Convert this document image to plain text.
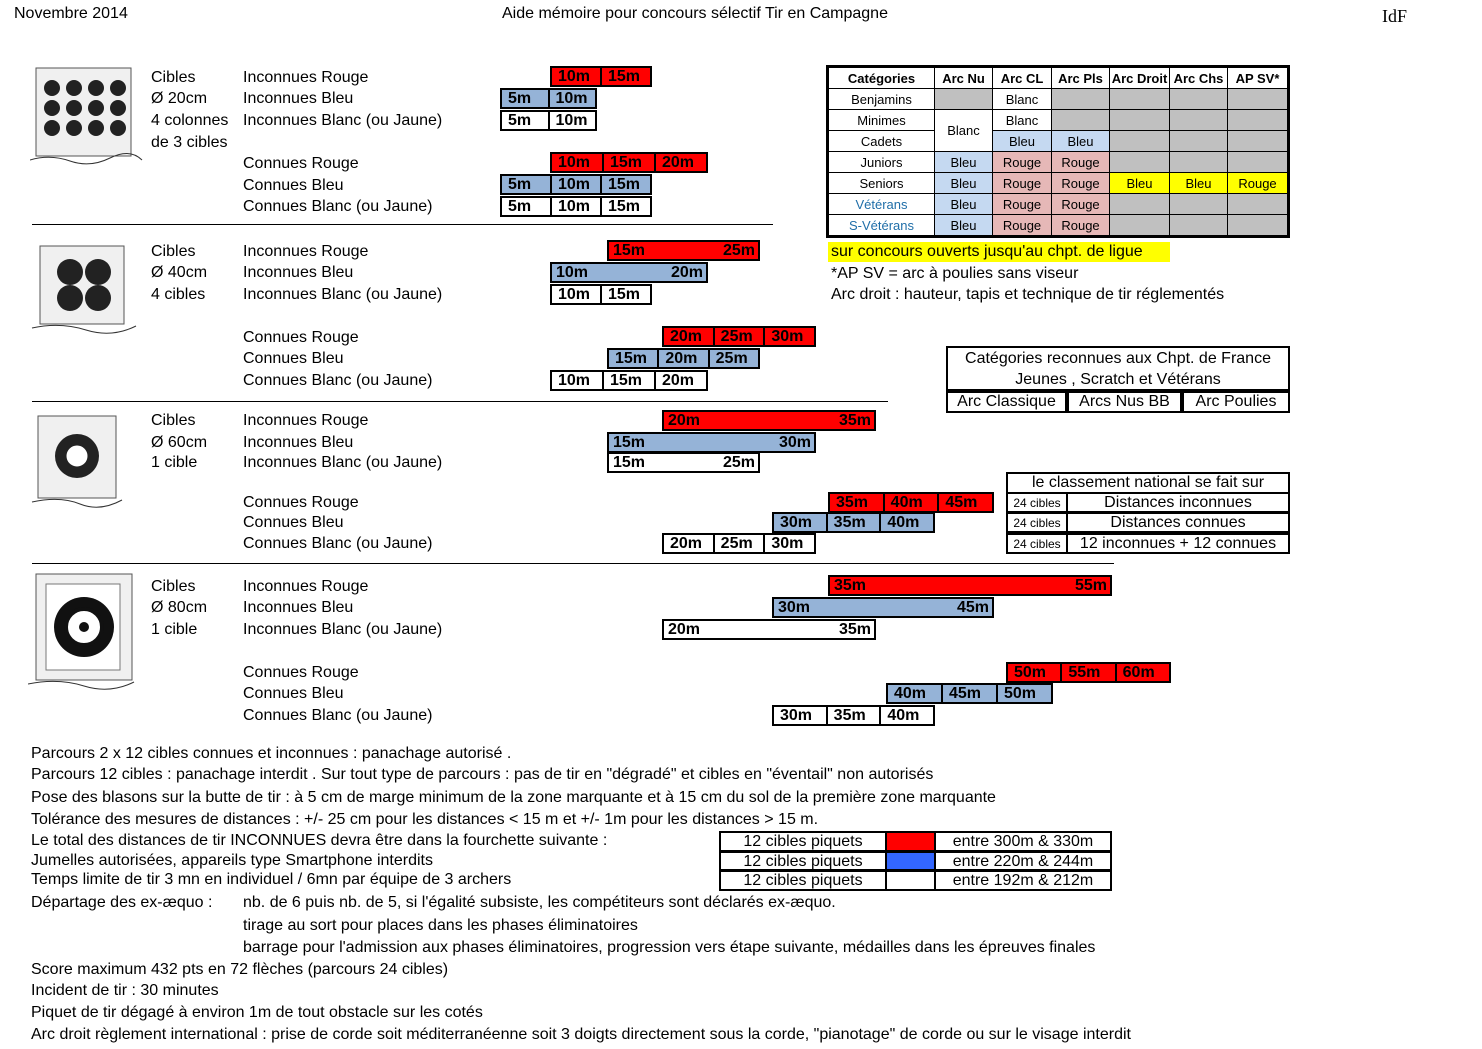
Novembre 2014	Aide mémoire pour concours sélectif Tir en Campagne	IdF
Cibles
Ø 20cm
4 colonnes
de 3 cibles
Inconnues Rouge
Inconnues Bleu
Inconnues Blanc (ou Jaune)
Connues Rouge
Connues Bleu
Connues Blanc (ou Jaune)
10m	15m
5m	10m
5m	10m
10m	15m	20m
5m	10m	15m
5m	10m	15m
Cibles
Ø 40cm
4 cibles
Inconnues Rouge
Inconnues Bleu
Inconnues Blanc (ou Jaune)
Connues Rouge
Connues Bleu
Connues Blanc (ou Jaune)
15m	25m
10m	20m
10m	15m
20m	25m	30m
15m	20m	25m
10m	15m	20m
Cibles
Ø 60cm
1 cible
Inconnues Rouge
Inconnues Bleu
Inconnues Blanc (ou Jaune)
Connues Rouge
Connues Bleu
Connues Blanc (ou Jaune)
20m	35m
15m	30m
15m	25m
35m	40m	45m
30m	35m	40m
20m	25m	30m
Cibles
Ø 80cm
1 cible
Inconnues Rouge
Inconnues Bleu
Inconnues Blanc (ou Jaune)
Connues Rouge
Connues Bleu
Connues Blanc (ou Jaune)
35m	55m
30m	45m
20m	35m
50m	55m	60m
40m	45m	50m
30m	35m	40m
Catégories	Arc Nu	Arc CL	Arc Pls	Arc Droit	Arc Chs	AP SV*
Benjamins		Blanc				
Minimes	Blanc	Blanc				
Cadets		Bleu	Bleu			
Juniors	Bleu	Rouge	Rouge			
Seniors	Bleu	Rouge	Rouge	Bleu	Bleu	Rouge
Vétérans	Bleu	Rouge	Rouge			
S-Vétérans	Bleu	Rouge	Rouge			
sur concours ouverts jusqu'au chpt. de ligue
*AP SV = arc à poulies sans viseur
Arc droit : hauteur, tapis et technique de tir réglementés
Catégories reconnues aux Chpt. de France
Jeunes , Scratch et Vétérans
Arc Classique	Arcs Nus BB	Arc Poulies
le classement national se fait sur
24 cibles	Distances inconnues
24 cibles	Distances connues
24 cibles	12 inconnues + 12 connues
Parcours 2 x 12 cibles connues et inconnues : panachage autorisé .
Parcours 12 cibles : panachage interdit . Sur tout type de parcours : pas de tir en "dégradé" et cibles en "éventail" non autorisés
Pose des blasons sur la butte de tir : à 5 cm de marge minimum de la zone marquante et à 15 cm du sol de la première zone marquante
Tolérance des mesures de distances : +/- 25 cm pour les distances < 15 m et +/- 1m pour les distances > 15 m.
Le total des distances de tir INCONNUES devra être dans la fourchette suivante :
Jumelles autorisées, appareils type Smartphone interdits
Temps limite de tir 3 mn en individuel / 6mn par équipe de 3 archers
Départage des ex-æquo : nb. de 6 puis nb. de 5, si l'égalité subsiste, les compétiteurs sont déclarés ex-æquo.
tirage au sort pour places dans les phases éliminatoires
barrage pour l'admission aux phases éliminatoires, progression vers étape suivante, médailles dans les épreuves finales
Score maximum 432 pts en 72 flèches (parcours 24 cibles)
Incident de tir : 30 minutes
Piquet de tir dégagé à environ 1m de tout obstacle sur les cotés
Arc droit règlement international : prise de corde soit méditerranéenne soit 3 doigts directement sous la corde, "pianotage" de corde ou sur le visage interdit
12 cibles piquets	entre 300m & 330m
12 cibles piquets	entre 220m & 244m
12 cibles piquets	entre 192m & 212m
